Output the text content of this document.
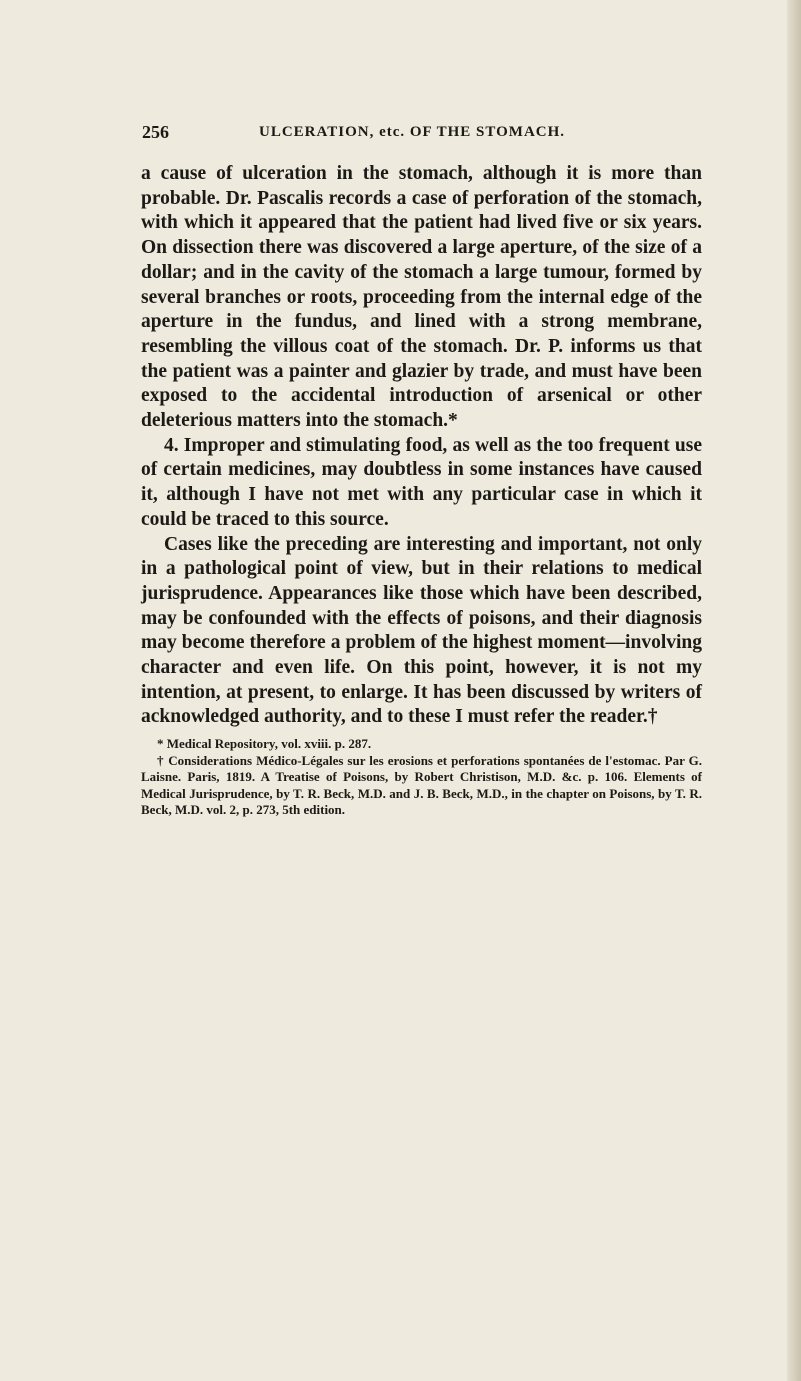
256	ULCERATION, etc. OF THE STOMACH.

a cause of ulceration in the stomach, although it is more than probable. Dr. Pascalis records a case of perforation of the stomach, with which it appeared that the patient had lived five or six years. On dissection there was discovered a large aperture, of the size of a dollar; and in the cavity of the stomach a large tumour, formed by several branches or roots, proceeding from the internal edge of the aperture in the fundus, and lined with a strong membrane, resembling the villous coat of the stomach. Dr. P. informs us that the patient was a painter and glazier by trade, and must have been exposed to the accidental introduction of arsenical or other deleterious matters into the stomach.*

4. Improper and stimulating food, as well as the too frequent use of certain medicines, may doubtless in some instances have caused it, although I have not met with any particular case in which it could be traced to this source.

Cases like the preceding are interesting and important, not only in a pathological point of view, but in their relations to medical jurisprudence. Appearances like those which have been described, may be confounded with the effects of poisons, and their diagnosis may become therefore a problem of the highest moment—involving character and even life. On this point, however, it is not my intention, at present, to enlarge. It has been discussed by writers of acknowledged authority, and to these I must refer the reader.†

* Medical Repository, vol. xviii. p. 287.

† Considerations Médico-Légales sur les erosions et perforations spontanées de l'estomac. Par G. Laisne. Paris, 1819. A Treatise of Poisons, by Robert Christison, M.D. &c. p. 106. Elements of Medical Jurisprudence, by T. R. Beck, M.D. and J. B. Beck, M.D., in the chapter on Poisons, by T. R. Beck, M.D. vol. 2, p. 273, 5th edition.
